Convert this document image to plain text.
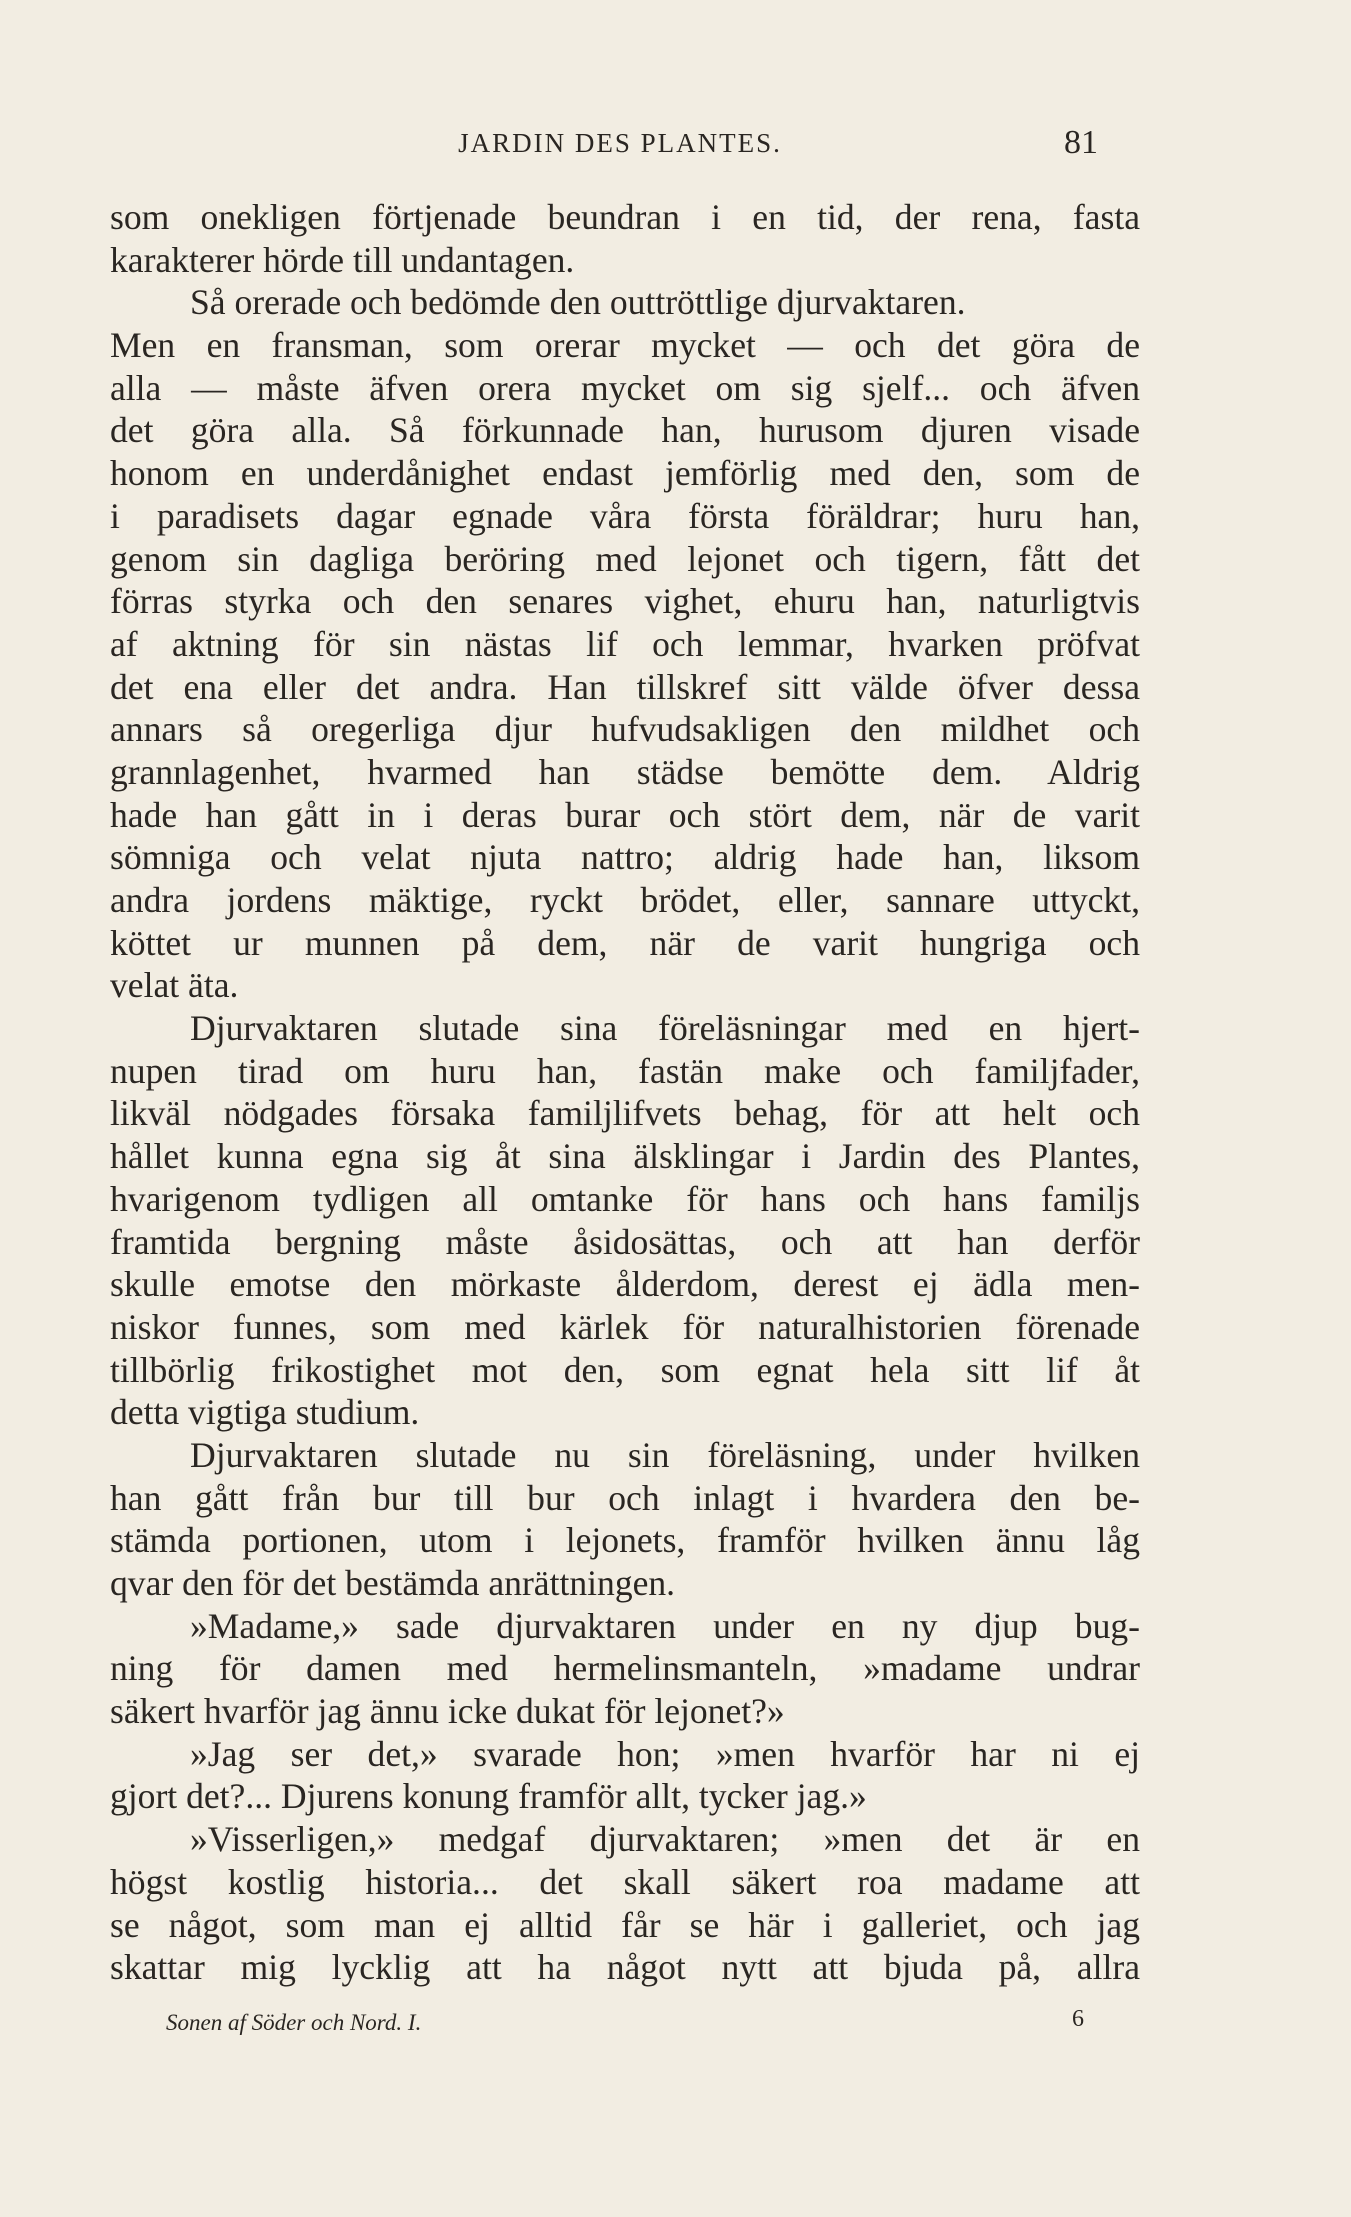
JARDIN DES PLANTES.	81
som onekligen förtjenade beundran i en tid, der rena, fasta
karakterer hörde till undantagen.
Så orerade och bedömde den outtröttlige djurvaktaren.
Men en fransman, som orerar mycket — och det göra de
alla — måste äfven orera mycket om sig sjelf... och äfven
det göra alla. Så förkunnade han, hurusom djuren visade
honom en underdånighet endast jemförlig med den, som de
i paradisets dagar egnade våra första föräldrar; huru han,
genom sin dagliga beröring med lejonet och tigern, fått det
förras styrka och den senares vighet, ehuru han, naturligtvis
af aktning för sin nästas lif och lemmar, hvarken pröfvat
det ena eller det andra. Han tillskref sitt välde öfver dessa
annars så oregerliga djur hufvudsakligen den mildhet och
grannlagenhet, hvarmed han städse bemötte dem. Aldrig
hade han gått in i deras burar och stört dem, när de varit
sömniga och velat njuta nattro; aldrig hade han, liksom
andra jordens mäktige, ryckt brödet, eller, sannare uttyckt,
köttet ur munnen på dem, när de varit hungriga och
velat äta.
Djurvaktaren slutade sina föreläsningar med en hjert-
nupen tirad om huru han, fastän make och familjfader,
likväl nödgades försaka familjlifvets behag, för att helt och
hållet kunna egna sig åt sina älsklingar i Jardin des Plantes,
hvarigenom tydligen all omtanke för hans och hans familjs
framtida bergning måste åsidosättas, och att han derför
skulle emotse den mörkaste ålderdom, derest ej ädla men-
niskor funnes, som med kärlek för naturalhistorien förenade
tillbörlig frikostighet mot den, som egnat hela sitt lif åt
detta vigtiga studium.
Djurvaktaren slutade nu sin föreläsning, under hvilken
han gått från bur till bur och inlagt i hvardera den be-
stämda portionen, utom i lejonets, framför hvilken ännu låg
qvar den för det bestämda anrättningen.
»Madame,» sade djurvaktaren under en ny djup bug-
ning för damen med hermelinsmanteln, »madame undrar
säkert hvarför jag ännu icke dukat för lejonet?»
»Jag ser det,» svarade hon; »men hvarför har ni ej
gjort det?... Djurens konung framför allt, tycker jag.»
»Visserligen,» medgaf djurvaktaren; »men det är en
högst kostlig historia... det skall säkert roa madame att
se något, som man ej alltid får se här i galleriet, och jag
skattar mig lycklig att ha något nytt att bjuda på, allra
Sonen af Söder och Nord. I.	6
